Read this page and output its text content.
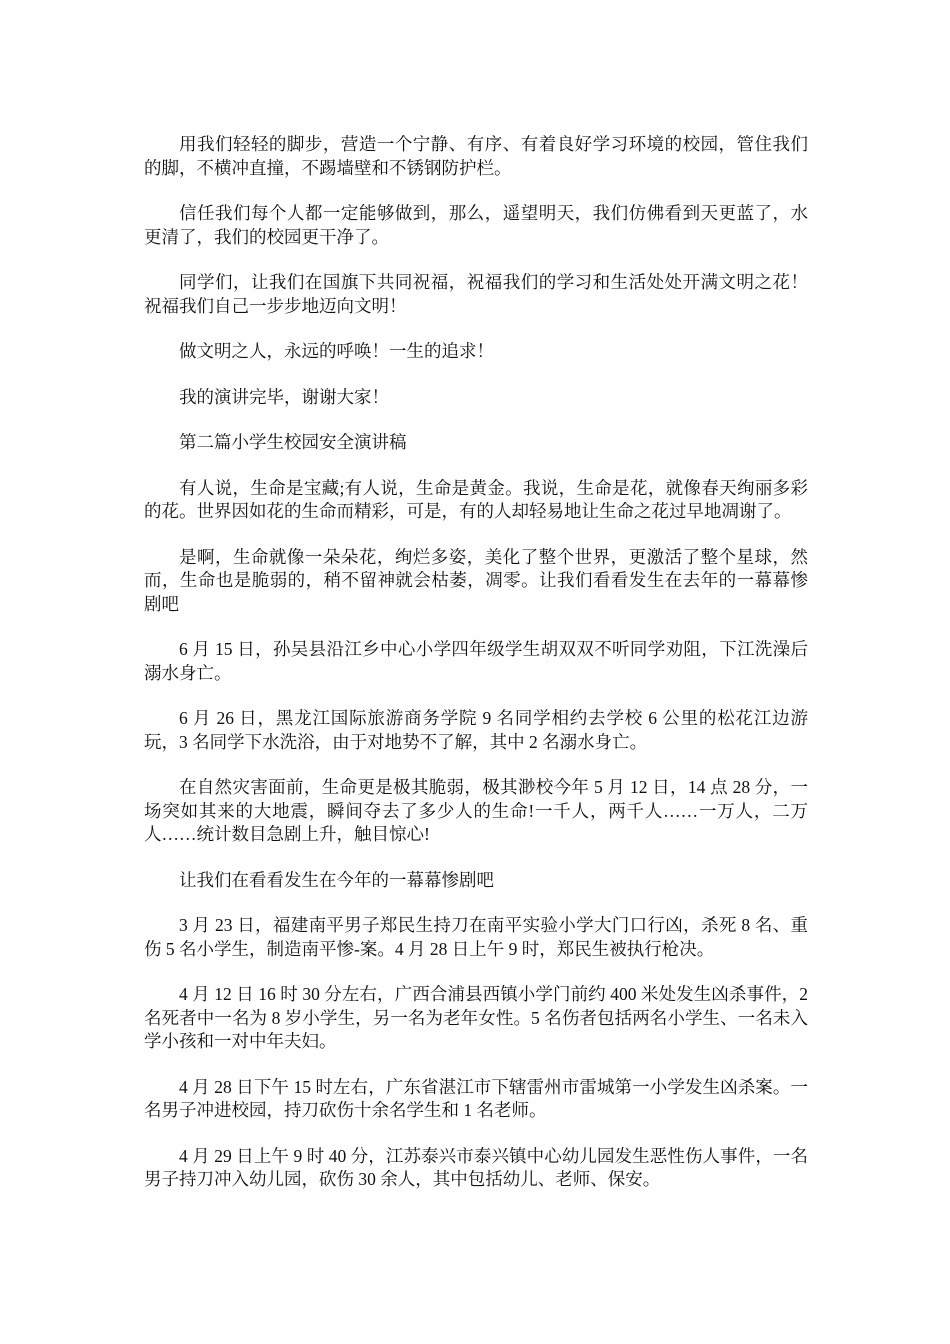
用我们轻轻的脚步，营造一个宁静、有序、有着良好学习环境的校园，管住我们的脚，不横冲直撞，不踢墙壁和不锈钢防护栏。

信任我们每个人都一定能够做到，那么，遥望明天，我们仿佛看到天更蓝了，水更清了，我们的校园更干净了。

同学们，让我们在国旗下共同祝福，祝福我们的学习和生活处处开满文明之花！祝福我们自己一步步地迈向文明！

做文明之人，永远的呼唤！一生的追求！

我的演讲完毕，谢谢大家！

第二篇小学生校园安全演讲稿

有人说，生命是宝藏;有人说，生命是黄金。我说，生命是花，就像春天绚丽多彩的花。世界因如花的生命而精彩，可是，有的人却轻易地让生命之花过早地凋谢了。

是啊，生命就像一朵朵花，绚烂多姿，美化了整个世界，更激活了整个星球，然而，生命也是脆弱的，稍不留神就会枯萎，凋零。让我们看看发生在去年的一幕幕惨剧吧

6 月 15 日，孙吴县沿江乡中心小学四年级学生胡双双不听同学劝阻，下江洗澡后溺水身亡。

6 月 26 日，黑龙江国际旅游商务学院 9 名同学相约去学校 6 公里的松花江边游玩，3 名同学下水洗浴，由于对地势不了解，其中 2 名溺水身亡。

在自然灾害面前，生命更是极其脆弱，极其渺校今年 5 月 12 日，14 点 28 分，一场突如其来的大地震，瞬间夺去了多少人的生命!一千人，两千人……一万人，二万人……统计数目急剧上升，触目惊心!

让我们在看看发生在今年的一幕幕惨剧吧

3 月 23 日，福建南平男子郑民生持刀在南平实验小学大门口行凶，杀死 8 名、重伤 5 名小学生，制造南平惨-案。4 月 28 日上午 9 时，郑民生被执行枪决。

4 月 12 日 16 时 30 分左右，广西合浦县西镇小学门前约 400 米处发生凶杀事件，2 名死者中一名为 8 岁小学生，另一名为老年女性。5 名伤者包括两名小学生、一名未入学小孩和一对中年夫妇。

4 月 28 日下午 15 时左右，广东省湛江市下辖雷州市雷城第一小学发生凶杀案。一名男子冲进校园，持刀砍伤十余名学生和 1 名老师。

4 月 29 日上午 9 时 40 分，江苏泰兴市泰兴镇中心幼儿园发生恶性伤人事件，一名男子持刀冲入幼儿园，砍伤 30 余人，其中包括幼儿、老师、保安。
